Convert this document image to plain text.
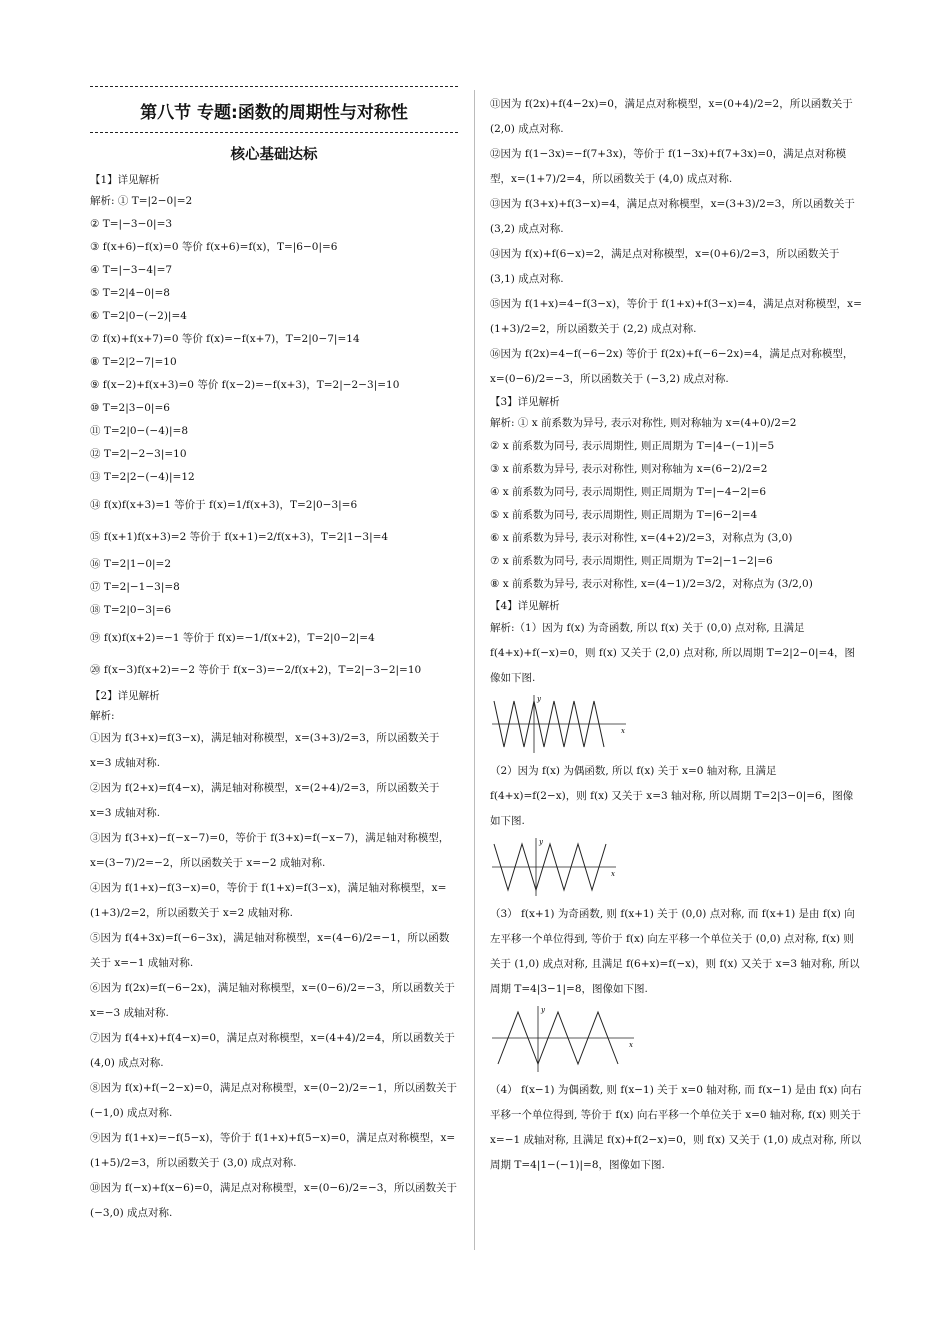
第八节 专题:函数的周期性与对称性
核心基础达标
【1】详见解析
解析: ① T=|2−0|=2
② T=|−3−0|=3
③ f(x+6)−f(x)=0 等价 f(x+6)=f(x)，T=|6−0|=6
④ T=|−3−4|=7
⑤ T=2|4−0|=8
⑥ T=2|0−(−2)|=4
⑦ f(x)+f(x+7)=0 等价 f(x)=−f(x+7)，T=2|0−7|=14
⑧ T=2|2−7|=10
⑨ f(x−2)+f(x+3)=0 等价 f(x−2)=−f(x+3)，T=2|−2−3|=10
⑩ T=2|3−0|=6
⑪ T=2|0−(−4)|=8
⑫ T=2|−2−3|=10
⑬ T=2|2−(−4)|=12
⑭ f(x)f(x+3)=1 等价于 f(x)=1/f(x+3)，T=2|0−3|=6
⑮ f(x+1)f(x+3)=2 等价于 f(x+1)=2/f(x+3)，T=2|1−3|=4
⑯ T=2|1−0|=2
⑰ T=2|−1−3|=8
⑱ T=2|0−3|=6
⑲ f(x)f(x+2)=−1 等价于 f(x)=−1/f(x+2)，T=2|0−2|=4
⑳ f(x−3)f(x+2)=−2 等价于 f(x−3)=−2/f(x+2)，T=2|−3−2|=10
【2】详见解析
解析:
①因为 f(3+x)=f(3−x)，满足轴对称模型，x=(3+3)/2=3，所以函数关于 x=3 成轴对称.
②因为 f(2+x)=f(4−x)，满足轴对称模型，x=(2+4)/2=3，所以函数关于 x=3 成轴对称.
③因为 f(3+x)−f(−x−7)=0，等价于 f(3+x)=f(−x−7)，满足轴对称模型，x=(3−7)/2=−2，所以函数关于 x=−2 成轴对称.
④因为 f(1+x)−f(3−x)=0，等价于 f(1+x)=f(3−x)，满足轴对称模型，x=(1+3)/2=2，所以函数关于 x=2 成轴对称.
⑤因为 f(4+3x)=f(−6−3x)，满足轴对称模型，x=(4−6)/2=−1，所以函数关于 x=−1 成轴对称.
⑥因为 f(2x)=f(−6−2x)，满足轴对称模型，x=(0−6)/2=−3，所以函数关于 x=−3 成轴对称.
⑦因为 f(4+x)+f(4−x)=0，满足点对称模型，x=(4+4)/2=4，所以函数关于 (4,0) 成点对称.
⑧因为 f(x)+f(−2−x)=0，满足点对称模型，x=(0−2)/2=−1，所以函数关于 (−1,0) 成点对称.
⑨因为 f(1+x)=−f(5−x)，等价于 f(1+x)+f(5−x)=0，满足点对称模型，x=(1+5)/2=3，所以函数关于 (3,0) 成点对称.
⑩因为 f(−x)+f(x−6)=0，满足点对称模型，x=(0−6)/2=−3，所以函数关于 (−3,0) 成点对称.
⑪因为 f(2x)+f(4−2x)=0，满足点对称模型，x=(0+4)/2=2，所以函数关于 (2,0) 成点对称.
⑫因为 f(1−3x)=−f(7+3x)，等价于 f(1−3x)+f(7+3x)=0，满足点对称模型，x=(1+7)/2=4，所以函数关于 (4,0) 成点对称.
⑬因为 f(3+x)+f(3−x)=4，满足点对称模型，x=(3+3)/2=3，所以函数关于 (3,2) 成点对称.
⑭因为 f(x)+f(6−x)=2，满足点对称模型，x=(0+6)/2=3，所以函数关于 (3,1) 成点对称.
⑮因为 f(1+x)=4−f(3−x)，等价于 f(1+x)+f(3−x)=4，满足点对称模型，x=(1+3)/2=2，所以函数关于 (2,2) 成点对称.
⑯因为 f(2x)=4−f(−6−2x) 等价于 f(2x)+f(−6−2x)=4，满足点对称模型，x=(0−6)/2=−3，所以函数关于 (−3,2) 成点对称.
【3】详见解析
解析: ① x 前系数为异号, 表示对称性, 则对称轴为 x=(4+0)/2=2
② x 前系数为同号, 表示周期性, 则正周期为 T=|4−(−1)|=5
③ x 前系数为异号, 表示对称性, 则对称轴为 x=(6−2)/2=2
④ x 前系数为同号, 表示周期性, 则正周期为 T=|−4−2|=6
⑤ x 前系数为同号, 表示周期性, 则正周期为 T=|6−2|=4
⑥ x 前系数为异号, 表示对称性, x=(4+2)/2=3，对称点为 (3,0)
⑦ x 前系数为同号, 表示周期性, 则正周期为 T=2|−1−2|=6
⑧ x 前系数为异号, 表示对称性, x=(4−1)/2=3/2，对称点为 (3/2,0)
【4】详见解析
解析:（1）因为 f(x) 为奇函数, 所以 f(x) 关于 (0,0) 点对称, 且满足 f(4+x)+f(−x)=0，则 f(x) 又关于 (2,0) 点对称, 所以周期 T=2|2−0|=4，图像如下图.
x
y
（2）因为 f(x) 为偶函数, 所以 f(x) 关于 x=0 轴对称, 且满足 f(4+x)=f(2−x)，则 f(x) 又关于 x=3 轴对称, 所以周期 T=2|3−0|=6，图像如下图.
x
y
（3） f(x+1) 为奇函数, 则 f(x+1) 关于 (0,0) 点对称, 而 f(x+1) 是由 f(x) 向左平移一个单位得到, 等价于 f(x) 向左平移一个单位关于 (0,0) 点对称, f(x) 则关于 (1,0) 成点对称, 且满足 f(6+x)=f(−x)，则 f(x) 又关于 x=3 轴对称, 所以周期 T=4|3−1|=8，图像如下图.
x
y
（4） f(x−1) 为偶函数, 则 f(x−1) 关于 x=0 轴对称, 而 f(x−1) 是由 f(x) 向右平移一个单位得到, 等价于 f(x) 向右平移一个单位关于 x=0 轴对称, f(x) 则关于 x=−1 成轴对称, 且满足 f(x)+f(2−x)=0，则 f(x) 又关于 (1,0) 成点对称, 所以周期 T=4|1−(−1)|=8，图像如下图.
